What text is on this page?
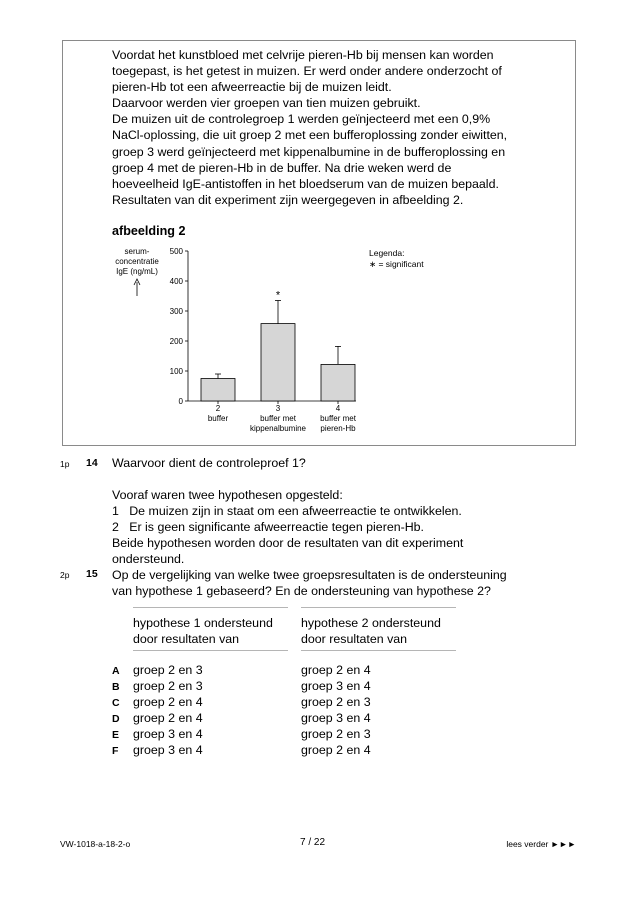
Voordat het kunstbloed met celvrije pieren-Hb bij mensen kan worden
toegepast, is het getest in muizen. Er werd onder andere onderzocht of
pieren-Hb tot een afweerreactie bij de muizen leidt.
Daarvoor werden vier groepen van tien muizen gebruikt.
De muizen uit de controlegroep 1 werden geïnjecteerd met een 0,9%
NaCl-oplossing, die uit groep 2 met een bufferoplossing zonder eiwitten,
groep 3 werd geïnjecteerd met kippenalbumine in de bufferoplossing en
groep 4 met de pieren-Hb in de buffer. Na drie weken werd de
hoeveelheid IgE-antistoffen in het bloedserum van de muizen bepaald.
Resultaten van dit experiment zijn weergegeven in afbeelding 2.
afbeelding 2
serum-
concentratie
IgE (ng/mL)
0
100
200
300
400
500
*
2
buffer
3
buffer met
kippenalbumine
4
buffer met
pieren-Hb
Legenda:
∗ = significant
1p 14 Waarvoor dient de controleproef 1?
Vooraf waren twee hypothesen opgesteld:
1   De muizen zijn in staat om een afweerreactie te ontwikkelen.
2   Er is geen significante afweerreactie tegen pieren-Hb.
Beide hypothesen worden door de resultaten van dit experiment
ondersteund.
2p 15 Op de vergelijking van welke twee groepsresultaten is de ondersteuning
van hypothese 1 gebaseerd? En de ondersteuning van hypothese 2?
hypothese 1 ondersteund
door resultaten van
hypothese 2 ondersteund
door resultaten van
A groep 2 en 3	groep 2 en 4
B groep 2 en 3	groep 3 en 4
C groep 2 en 4	groep 2 en 3
D groep 2 en 4	groep 3 en 4
E groep 3 en 4	groep 2 en 3
F groep 3 en 4	groep 2 en 4
VW-1018-a-18-2-o	7 / 22	lees verder ►►►
